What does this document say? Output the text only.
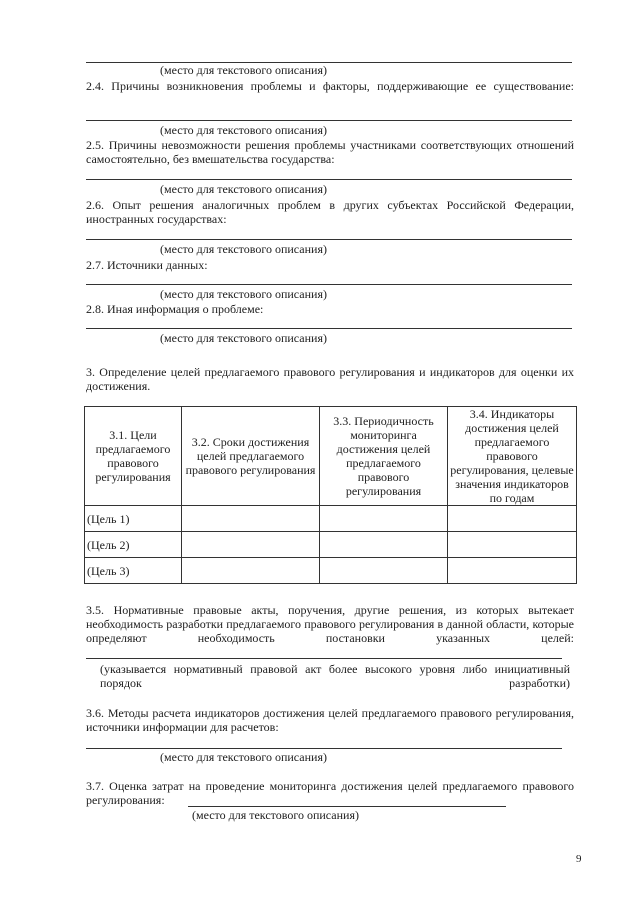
(место для текстового описания)
2.4. Причины возникновения проблемы и факторы, поддерживающие ее существование:
(место для текстового описания)
2.5. Причины невозможности решения проблемы участниками соответствующих отношений самостоятельно, без вмешательства государства:
(место для текстового описания)
2.6. Опыт решения аналогичных проблем в других субъектах Российской Федерации, иностранных государствах:
(место для текстового описания)
2.7. Источники данных:
(место для текстового описания)
2.8. Иная информация о проблеме:
(место для текстового описания)
3. Определение целей предлагаемого правового регулирования и индикаторов для оценки их достижения.
3.1. Цели предлагаемого правового регулирования	3.2. Сроки достижения целей предлагаемого правового регулирования	3.3. Периодичность мониторинга достижения целей предлагаемого правового регулирования	3.4. Индикаторы достижения целей предлагаемого правового регулирования, целевые значения индикаторов по годам
(Цель 1)			
(Цель 2)			
(Цель 3)			
3.5. Нормативные правовые акты, поручения, другие решения, из которых вытекает необходимость разработки предлагаемого правового регулирования в данной области, которые определяют необходимость постановки указанных целей:
(указывается нормативный правовой акт более высокого уровня либо инициативный порядок разработки)
3.6. Методы расчета индикаторов достижения целей предлагаемого правового регулирования, источники информации для расчетов:
(место для текстового описания)
3.7. Оценка затрат на проведение мониторинга достижения целей предлагаемого правового регулирования:
(место для текстового описания)
9
